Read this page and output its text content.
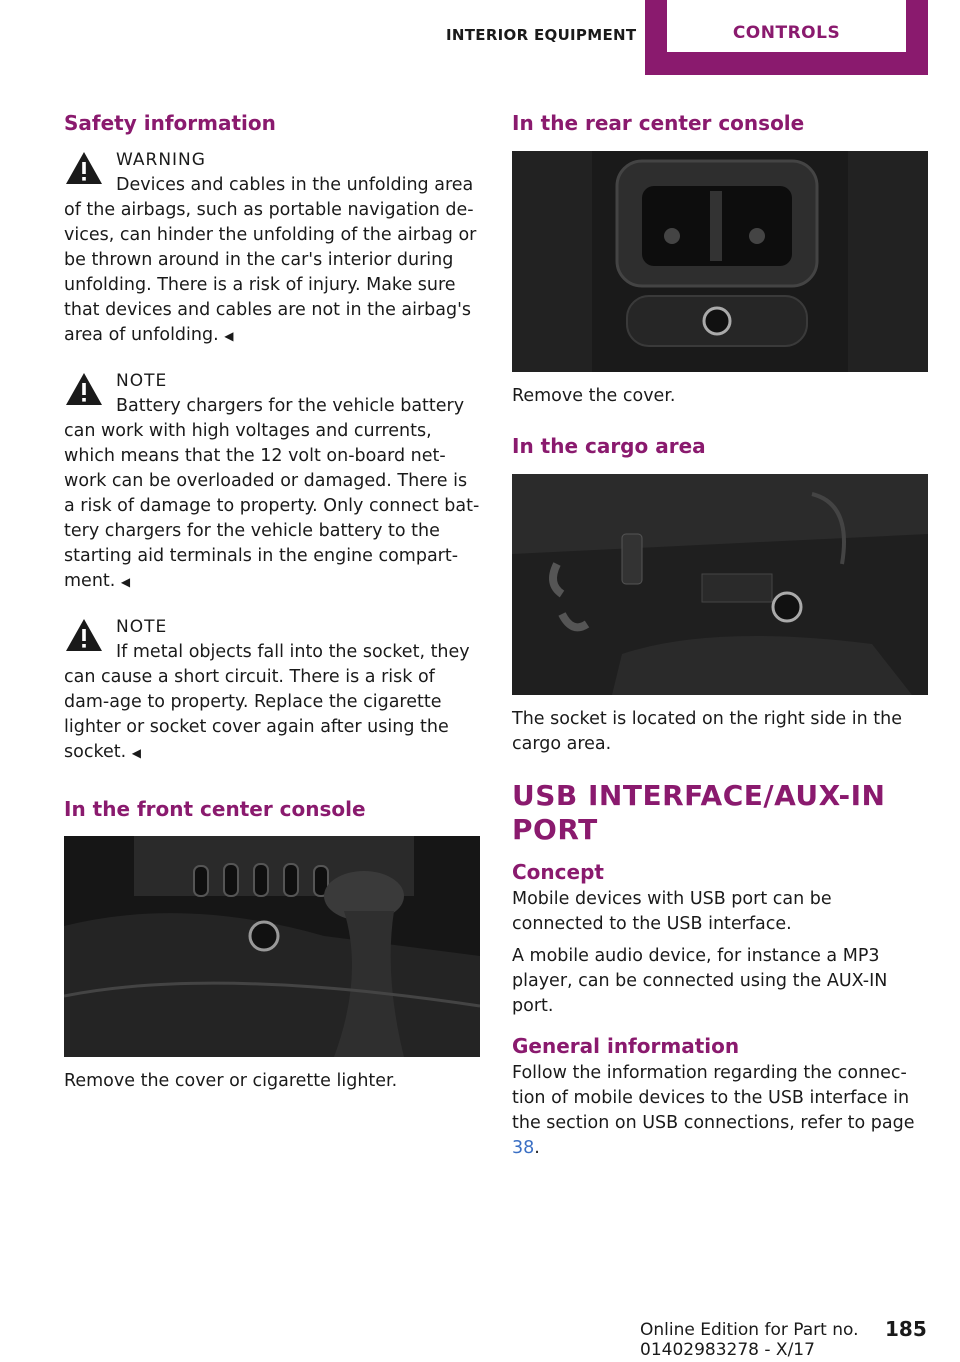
INTERIOR EQUIPMENT	CONTROLS
Safety information
WARNING

Devices and cables in the unfolding area
of the airbags, such as portable navigation de-vices, can hinder the unfolding of the airbag or be thrown around in the car's interior during unfolding. There is a risk of injury. Make sure that devices and cables are not in the airbag's area of unfolding. ◀

NOTE

Battery chargers for the vehicle battery
can work with high voltages and currents, which means that the 12 volt on-board net-work can be overloaded or damaged. There is a risk of damage to property. Only connect bat-tery chargers for the vehicle battery to the starting aid terminals in the engine compart-ment. ◀

NOTE

If metal objects fall into the socket, they
can cause a short circuit. There is a risk of dam-age to property. Replace the cigarette lighter or socket cover again after using the socket. ◀

In the front center console

Remove the cover or cigarette lighter.

In the rear center console

Remove the cover.

In the cargo area

The socket is located on the right side in the cargo area.

USB INTERFACE/AUX-IN PORT
Concept

Mobile devices with USB port can be connected to the USB interface.

A mobile audio device, for instance a MP3 player, can be connected using the AUX-IN port.

General information

Follow the information regarding the connec-tion of mobile devices to the USB interface in the section on USB connections, refer to page 38.

Online Edition for Part no. 01402983278 - X/17
185
